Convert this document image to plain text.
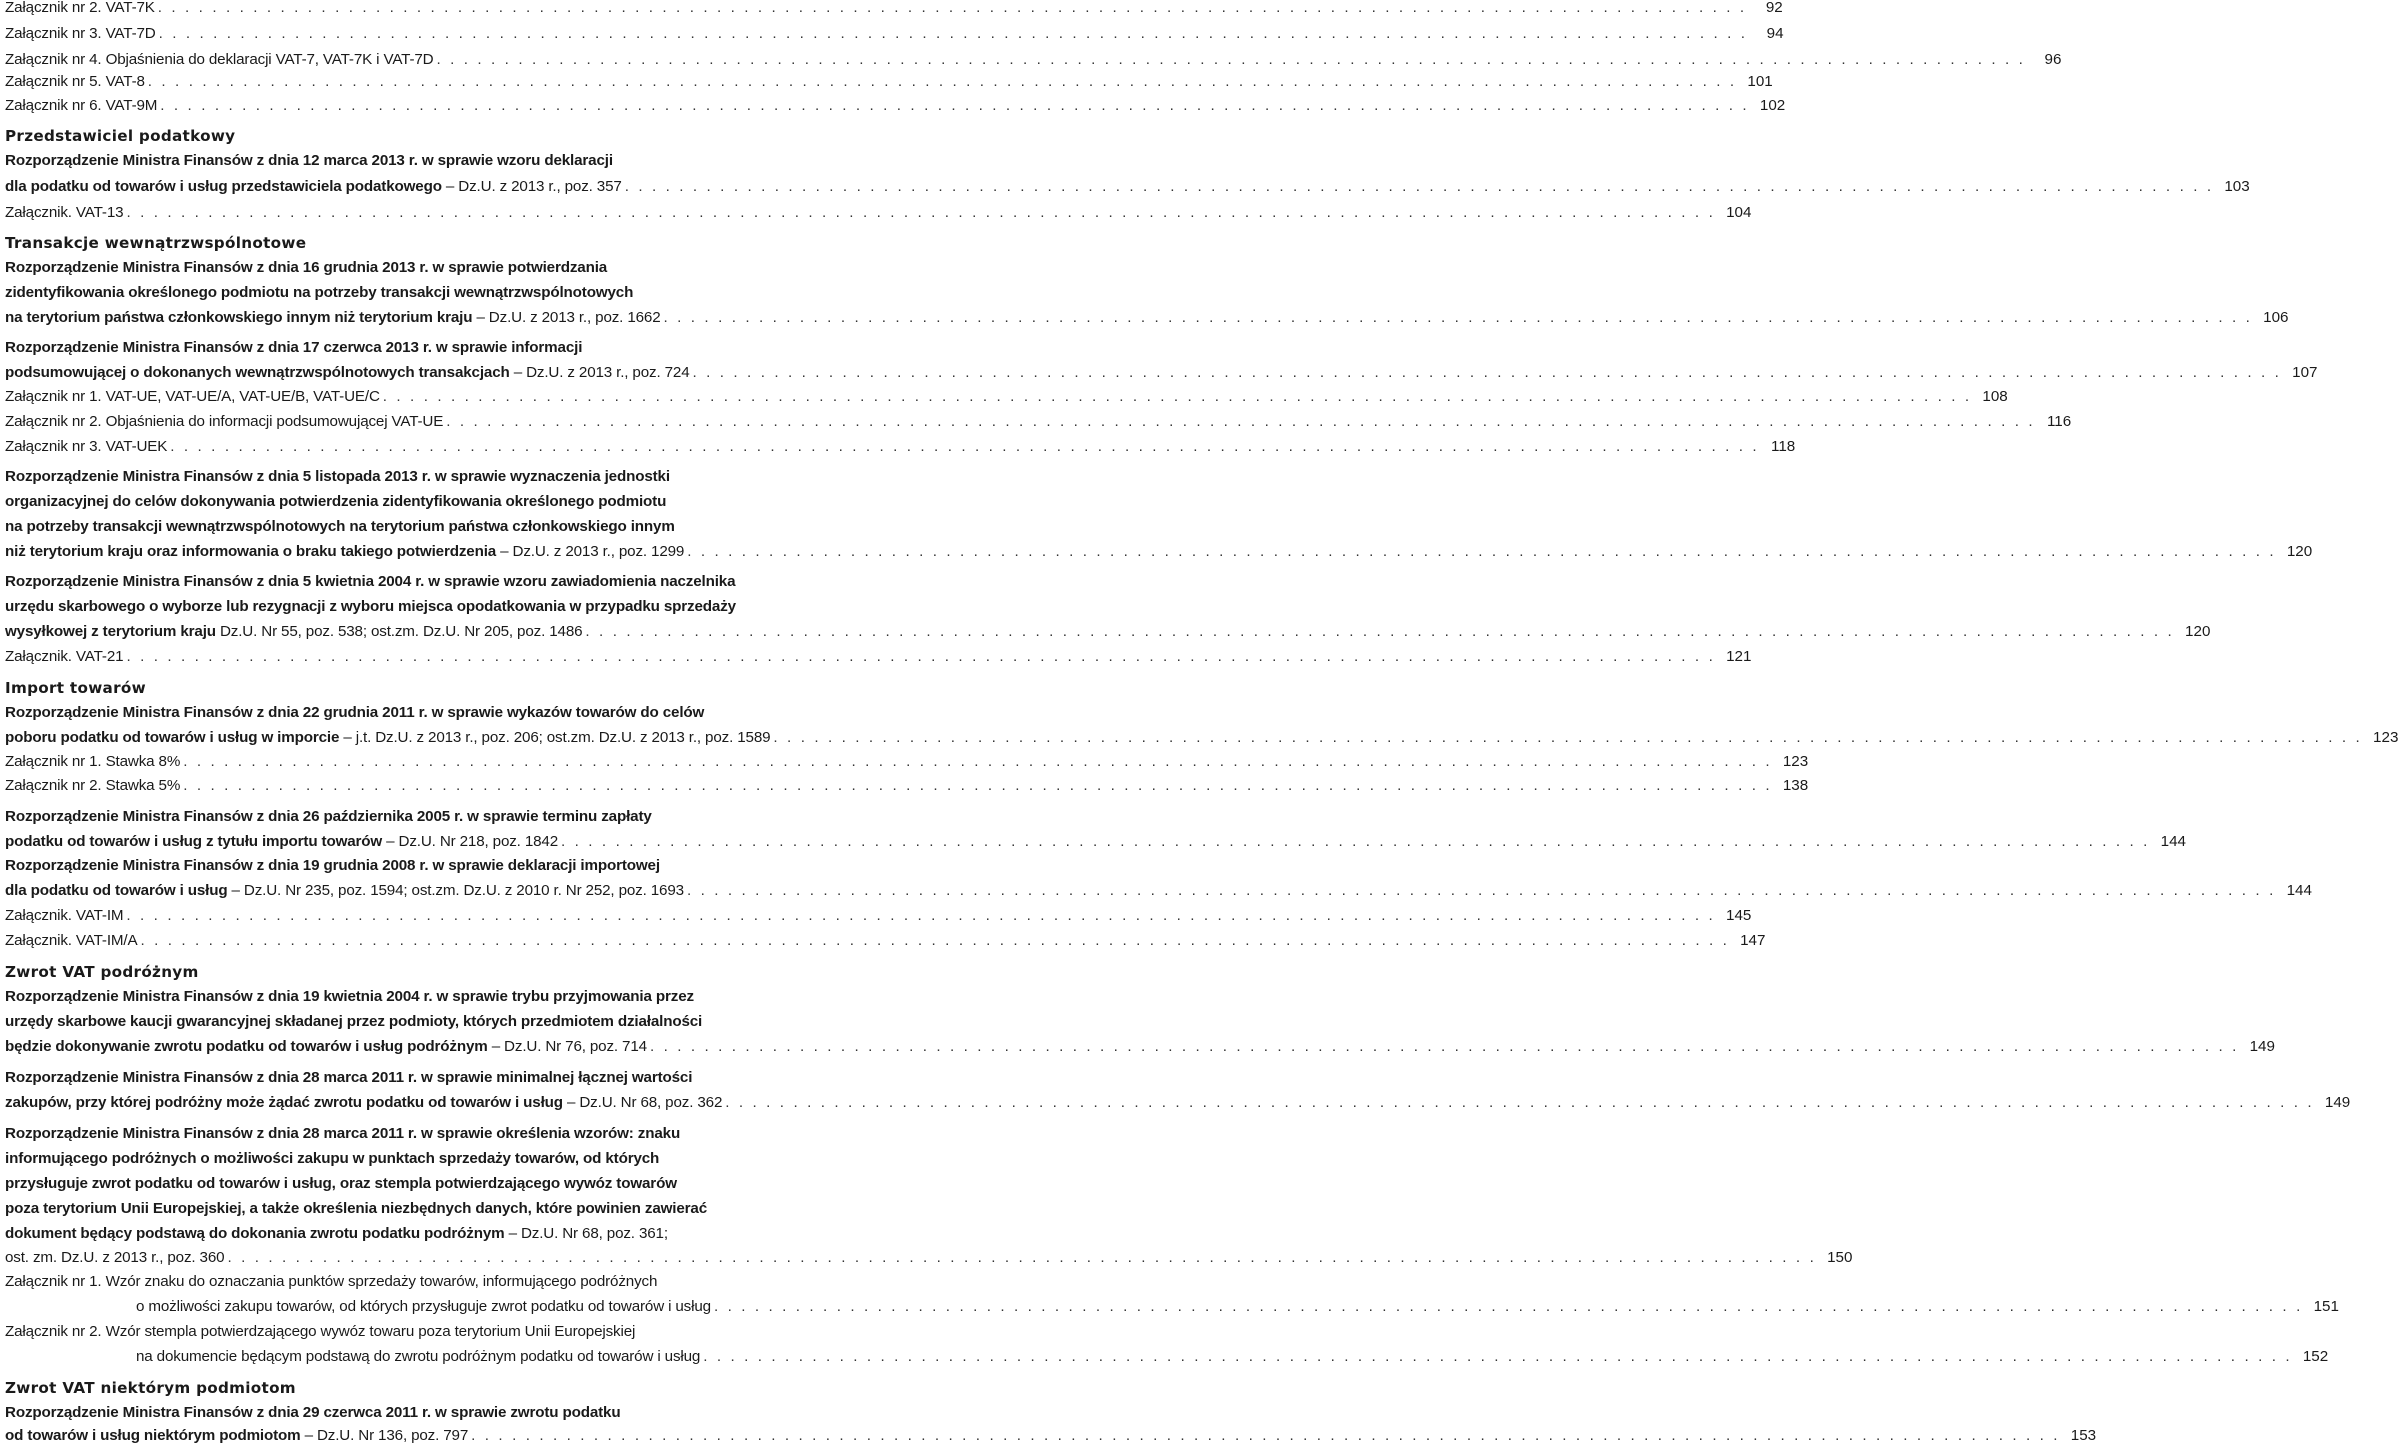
Załącznik nr 2. VAT-7K . . . . . . . . . . . . . . . . . . . . . . . . . . . . . . . . . . . . . . . . . . . . . . . . . . . . . . . . . . . . . . . . . . . . . . . . . . . . . . . . . . . . . . . . . . . . . . . . . . . . . . . . . . . . . . . . . . . . .	92
Załącznik nr 3. VAT-7D . . . . . . . . . . . . . . . . . . . . . . . . . . . . . . . . . . . . . . . . . . . . . . . . . . . . . . . . . . . . . . . . . . . . . . . . . . . . . . . . . . . . . . . . . . . . . . . . . . . . . . . . . . . . . . . . . . . . .	94
Załącznik nr 4. Objaśnienia do deklaracji VAT-7, VAT-7K i VAT-7D . . . . . . . . . . . . . . . . . . . . . . . . . . . . . . . . . . . . . . . . . . . . . . . . . . . . . . . . . . . . . . . . . . . . . . . . . . . . . . . . . . . . . . . . . . . . . . . . . . . . . . . . . . . . . . . . . . . . .	96
Załącznik nr 5. VAT-8 . . . . . . . . . . . . . . . . . . . . . . . . . . . . . . . . . . . . . . . . . . . . . . . . . . . . . . . . . . . . . . . . . . . . . . . . . . . . . . . . . . . . . . . . . . . . . . . . . . . . . . . . . . . . . . . . . . . . . 101
Załącznik nr 6. VAT-9M . . . . . . . . . . . . . . . . . . . . . . . . . . . . . . . . . . . . . . . . . . . . . . . . . . . . . . . . . . . . . . . . . . . . . . . . . . . . . . . . . . . . . . . . . . . . . . . . . . . . . . . . . . . . . . . . . . . . . 102
Przedstawiciel podatkowy
Rozporządzenie Ministra Finansów z dnia 12 marca 2013 r. w sprawie wzoru deklaracji
dla podatku od towarów i usług przedstawiciela podatkowego – Dz.U. z 2013 r., poz. 357 . . . . . . . . . . . . . . . . . . . . . . . . . . . . . . . . . . . . . . . . . . . . . . . . . . . . . . . . . . . . . . . . . . . . . . . . . . . . . . . . . . . . . . . . . . . . . . . . . . . . . . . . . . . . . . . . . . . . . 103
Załącznik. VAT-13 . . . . . . . . . . . . . . . . . . . . . . . . . . . . . . . . . . . . . . . . . . . . . . . . . . . . . . . . . . . . . . . . . . . . . . . . . . . . . . . . . . . . . . . . . . . . . . . . . . . . . . . . . . . . . . . . . . . . . 104
Transakcje wewnątrzwspólnotowe
Rozporządzenie Ministra Finansów z dnia 16 grudnia 2013 r. w sprawie potwierdzania
zidentyfikowania określonego podmiotu na potrzeby transakcji wewnątrzwspólnotowych
na terytorium państwa członkowskiego innym niż terytorium kraju – Dz.U. z 2013 r., poz. 1662 . . . . . . . . . . . . . . . . . . . . . . . . . . . . . . . . . . . . . . . . . . . . . . . . . . . . . . . . . . . . . . . . . . . . . . . . . . . . . . . . . . . . . . . . . . . . . . . . . . . . . . . . . . . . . . . . . . . . . 106
Rozporządzenie Ministra Finansów z dnia 17 czerwca 2013 r. w sprawie informacji
podsumowującej o dokonanych wewnątrzwspólnotowych transakcjach – Dz.U. z 2013 r., poz. 724 . . . . . . . . . . . . . . . . . . . . . . . . . . . . . . . . . . . . . . . . . . . . . . . . . . . . . . . . . . . . . . . . . . . . . . . . . . . . . . . . . . . . . . . . . . . . . . . . . . . . . . . . . . . . . . . . . . . . . 107
Załącznik nr 1. VAT-UE, VAT-UE/A, VAT-UE/B, VAT-UE/C . . . . . . . . . . . . . . . . . . . . . . . . . . . . . . . . . . . . . . . . . . . . . . . . . . . . . . . . . . . . . . . . . . . . . . . . . . . . . . . . . . . . . . . . . . . . . . . . . . . . . . . . . . . . . . . . . . . . . 108
Załącznik nr 2. Objaśnienia do informacji podsumowującej VAT-UE . . . . . . . . . . . . . . . . . . . . . . . . . . . . . . . . . . . . . . . . . . . . . . . . . . . . . . . . . . . . . . . . . . . . . . . . . . . . . . . . . . . . . . . . . . . . . . . . . . . . . . . . . . . . . . . . . . . . . 116
Załącznik nr 3. VAT-UEK . . . . . . . . . . . . . . . . . . . . . . . . . . . . . . . . . . . . . . . . . . . . . . . . . . . . . . . . . . . . . . . . . . . . . . . . . . . . . . . . . . . . . . . . . . . . . . . . . . . . . . . . . . . . . . . . . . . . . 118
Rozporządzenie Ministra Finansów z dnia 5 listopada 2013 r. w sprawie wyznaczenia jednostki
organizacyjnej do celów dokonywania potwierdzenia zidentyfikowania określonego podmiotu
na potrzeby transakcji wewnątrzwspólnotowych na terytorium państwa członkowskiego innym
niż terytorium kraju oraz informowania o braku takiego potwierdzenia – Dz.U. z 2013 r., poz. 1299 . . . . . . . . . . . . . . . . . . . . . . . . . . . . . . . . . . . . . . . . . . . . . . . . . . . . . . . . . . . . . . . . . . . . . . . . . . . . . . . . . . . . . . . . . . . . . . . . . . . . . . . . . . . . . . . . . . . . . 120
Rozporządzenie Ministra Finansów z dnia 5 kwietnia 2004 r. w sprawie wzoru zawiadomienia naczelnika
urzędu skarbowego o wyborze lub rezygnacji z wyboru miejsca opodatkowania w przypadku sprzedaży
wysyłkowej z terytorium kraju Dz.U. Nr 55, poz. 538; ost.zm. Dz.U. Nr 205, poz. 1486 . . . . . . . . . . . . . . . . . . . . . . . . . . . . . . . . . . . . . . . . . . . . . . . . . . . . . . . . . . . . . . . . . . . . . . . . . . . . . . . . . . . . . . . . . . . . . . . . . . . . . . . . . . . . . . . . . . . . . 120
Załącznik. VAT-21 . . . . . . . . . . . . . . . . . . . . . . . . . . . . . . . . . . . . . . . . . . . . . . . . . . . . . . . . . . . . . . . . . . . . . . . . . . . . . . . . . . . . . . . . . . . . . . . . . . . . . . . . . . . . . . . . . . . . . 121
Import towarów
Rozporządzenie Ministra Finansów z dnia 22 grudnia 2011 r. w sprawie wykazów towarów do celów
poboru podatku od towarów i usług w imporcie – j.t. Dz.U. z 2013 r., poz. 206; ost.zm. Dz.U. z 2013 r., poz. 1589 . . . . . . . . . . . . . . . . . . . . . . . . . . . . . . . . . . . . . . . . . . . . . . . . . . . . . . . . . . . . . . . . . . . . . . . . . . . . . . . . . . . . . . . . . . . . . . . . . . . . . . . . . . . . . . . . . . . . . 123
Załącznik nr 1. Stawka 8% . . . . . . . . . . . . . . . . . . . . . . . . . . . . . . . . . . . . . . . . . . . . . . . . . . . . . . . . . . . . . . . . . . . . . . . . . . . . . . . . . . . . . . . . . . . . . . . . . . . . . . . . . . . . . . . . . . . . . 123
Załącznik nr 2. Stawka 5% . . . . . . . . . . . . . . . . . . . . . . . . . . . . . . . . . . . . . . . . . . . . . . . . . . . . . . . . . . . . . . . . . . . . . . . . . . . . . . . . . . . . . . . . . . . . . . . . . . . . . . . . . . . . . . . . . . . . . 138
Rozporządzenie Ministra Finansów z dnia 26 października 2005 r. w sprawie terminu zapłaty
podatku od towarów i usług z tytułu importu towarów – Dz.U. Nr 218, poz. 1842 . . . . . . . . . . . . . . . . . . . . . . . . . . . . . . . . . . . . . . . . . . . . . . . . . . . . . . . . . . . . . . . . . . . . . . . . . . . . . . . . . . . . . . . . . . . . . . . . . . . . . . . . . . . . . . . . . . . . . 144
Rozporządzenie Ministra Finansów z dnia 19 grudnia 2008 r. w sprawie deklaracji importowej
dla podatku od towarów i usług – Dz.U. Nr 235, poz. 1594; ost.zm. Dz.U. z 2010 r. Nr 252, poz. 1693 . . . . . . . . . . . . . . . . . . . . . . . . . . . . . . . . . . . . . . . . . . . . . . . . . . . . . . . . . . . . . . . . . . . . . . . . . . . . . . . . . . . . . . . . . . . . . . . . . . . . . . . . . . . . . . . . . . . . . 144
Załącznik. VAT-IM . . . . . . . . . . . . . . . . . . . . . . . . . . . . . . . . . . . . . . . . . . . . . . . . . . . . . . . . . . . . . . . . . . . . . . . . . . . . . . . . . . . . . . . . . . . . . . . . . . . . . . . . . . . . . . . . . . . . . 145
Załącznik. VAT-IM/A . . . . . . . . . . . . . . . . . . . . . . . . . . . . . . . . . . . . . . . . . . . . . . . . . . . . . . . . . . . . . . . . . . . . . . . . . . . . . . . . . . . . . . . . . . . . . . . . . . . . . . . . . . . . . . . . . . . . . 147
Zwrot VAT podróżnym
Rozporządzenie Ministra Finansów z dnia 19 kwietnia 2004 r. w sprawie trybu przyjmowania przez
urzędy skarbowe kaucji gwarancyjnej składanej przez podmioty, których przedmiotem działalności
będzie dokonywanie zwrotu podatku od towarów i usług podróżnym – Dz.U. Nr 76, poz. 714 . . . . . . . . . . . . . . . . . . . . . . . . . . . . . . . . . . . . . . . . . . . . . . . . . . . . . . . . . . . . . . . . . . . . . . . . . . . . . . . . . . . . . . . . . . . . . . . . . . . . . . . . . . . . . . . . . . . . . 149
Rozporządzenie Ministra Finansów z dnia 28 marca 2011 r. w sprawie minimalnej łącznej wartości
zakupów, przy której podróżny może żądać zwrotu podatku od towarów i usług – Dz.U. Nr 68, poz. 362 . . . . . . . . . . . . . . . . . . . . . . . . . . . . . . . . . . . . . . . . . . . . . . . . . . . . . . . . . . . . . . . . . . . . . . . . . . . . . . . . . . . . . . . . . . . . . . . . . . . . . . . . . . . . . . . . . . . . . 149
Rozporządzenie Ministra Finansów z dnia 28 marca 2011 r. w sprawie określenia wzorów: znaku
informującego podróżnych o możliwości zakupu w punktach sprzedaży towarów, od których
przysługuje zwrot podatku od towarów i usług, oraz stempla potwierdzającego wywóz towarów
poza terytorium Unii Europejskiej, a także określenia niezbędnych danych, które powinien zawierać
dokument będący podstawą do dokonania zwrotu podatku podróżnym – Dz.U. Nr 68, poz. 361;
ost. zm. Dz.U. z 2013 r., poz. 360 . . . . . . . . . . . . . . . . . . . . . . . . . . . . . . . . . . . . . . . . . . . . . . . . . . . . . . . . . . . . . . . . . . . . . . . . . . . . . . . . . . . . . . . . . . . . . . . . . . . . . . . . . . . . . . . . . . . . . 150
Załącznik nr 1. Wzór znaku do oznaczania punktów sprzedaży towarów, informującego podróżnych
o możliwości zakupu towarów, od których przysługuje zwrot podatku od towarów i usług . . . . . . . . . . . . . . . . . . . . . . . . . . . . . . . . . . . . . . . . . . . . . . . . . . . . . . . . . . . . . . . . . . . . . . . . . . . . . . . . . . . . . . . . . . . . . . . . . . . . . . . . . . . . . . . . . . . . . 151
Załącznik nr 2. Wzór stempla potwierdzającego wywóz towaru poza terytorium Unii Europejskiej
na dokumencie będącym podstawą do zwrotu podróżnym podatku od towarów i usług . . . . . . . . . . . . . . . . . . . . . . . . . . . . . . . . . . . . . . . . . . . . . . . . . . . . . . . . . . . . . . . . . . . . . . . . . . . . . . . . . . . . . . . . . . . . . . . . . . . . . . . . . . . . . . . . . . . . . 152
Zwrot VAT niektórym podmiotom
Rozporządzenie Ministra Finansów z dnia 29 czerwca 2011 r. w sprawie zwrotu podatku
od towarów i usług niektórym podmiotom – Dz.U. Nr 136, poz. 797 . . . . . . . . . . . . . . . . . . . . . . . . . . . . . . . . . . . . . . . . . . . . . . . . . . . . . . . . . . . . . . . . . . . . . . . . . . . . . . . . . . . . . . . . . . . . . . . . . . . . . . . . . . . . . . . . . . . . . 153
